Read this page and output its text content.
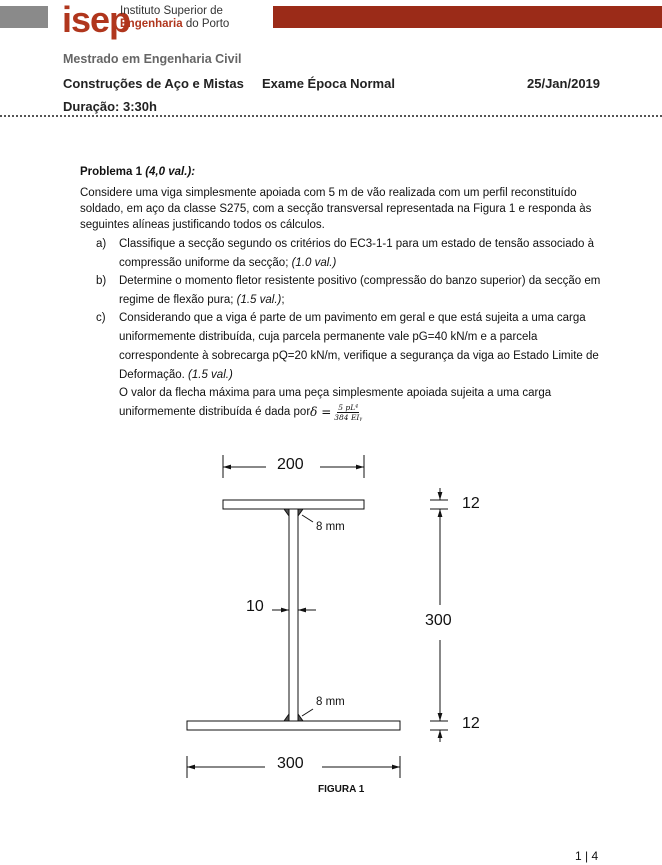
isep
Instituto Superior de
Engenharia do Porto
Mestrado em Engenharia Civil
Construções de Aço e Mistas Exame Época Normal	25/Jan/2019
Duração: 3:30h
Problema 1 (4,0 val.):
Considere uma viga simplesmente apoiada com 5 m de vão realizada com um perfil reconstituído
soldado, em aço da classe S275, com a secção transversal representada na Figura 1 e responda às
seguintes alíneas justificando todos os cálculos.
a) Classifique a secção segundo os critérios do EC3-1-1 para um estado de tensão associado à
compressão uniforme da secção; (1.0 val.)
b) Determine o momento fletor resistente positivo (compressão do banzo superior) da secção em
regime de flexão pura; (1.5 val.);
c) Considerando que a viga é parte de um pavimento em geral e que está sujeita a uma carga
uniformemente distribuída, cuja parcela permanente vale pG=40 kN/m e a parcela
correspondente à sobrecarga pQ=20 kN/m, verifique a segurança da viga ao Estado Limite de
Deformação. (1.5 val.)
O valor da flecha máxima para uma peça simplesmente apoiada sujeita a uma carga
uniformemente distribuída é dada por δ = 5 pL⁴
384 EIᵧ
200
12
8 mm
10
300
8 mm
12
300
FIGURA 1
1 | 4
